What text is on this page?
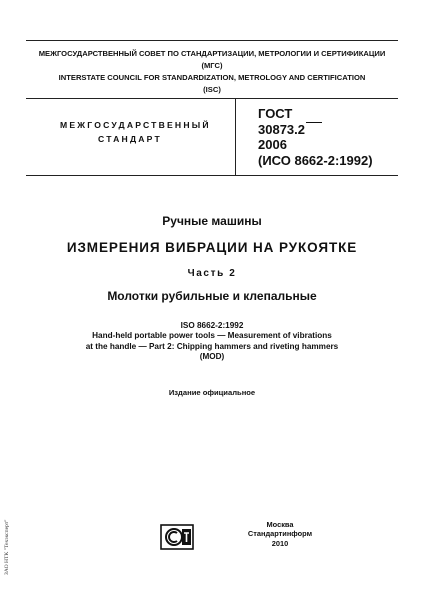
МЕЖГОСУДАРСТВЕННЫЙ СОВЕТ ПО СТАНДАРТИЗАЦИИ, МЕТРОЛОГИИ И СЕРТИФИКАЦИИ
(МГС)
INTERSTATE COUNCIL FOR STANDARDIZATION, METROLOGY AND CERTIFICATION
(ISC)
МЕЖГОСУДАРСТВЕННЫЙ
СТАНДАРТ
ГОСТ
30873.2
2006
(ИСО 8662-2:1992)
Ручные машины
ИЗМЕРЕНИЯ ВИБРАЦИИ НА РУКОЯТКЕ
Часть 2
Молотки рубильные и клепальные
ISO 8662-2:1992
Hand-held portable power tools — Measurement of vibrations
at the handle — Part 2: Chipping hammers and riveting hammers
(MOD)
Издание официальное
Москва
Стандартинформ
2010
ЗАО НТК "Техэксперт"
